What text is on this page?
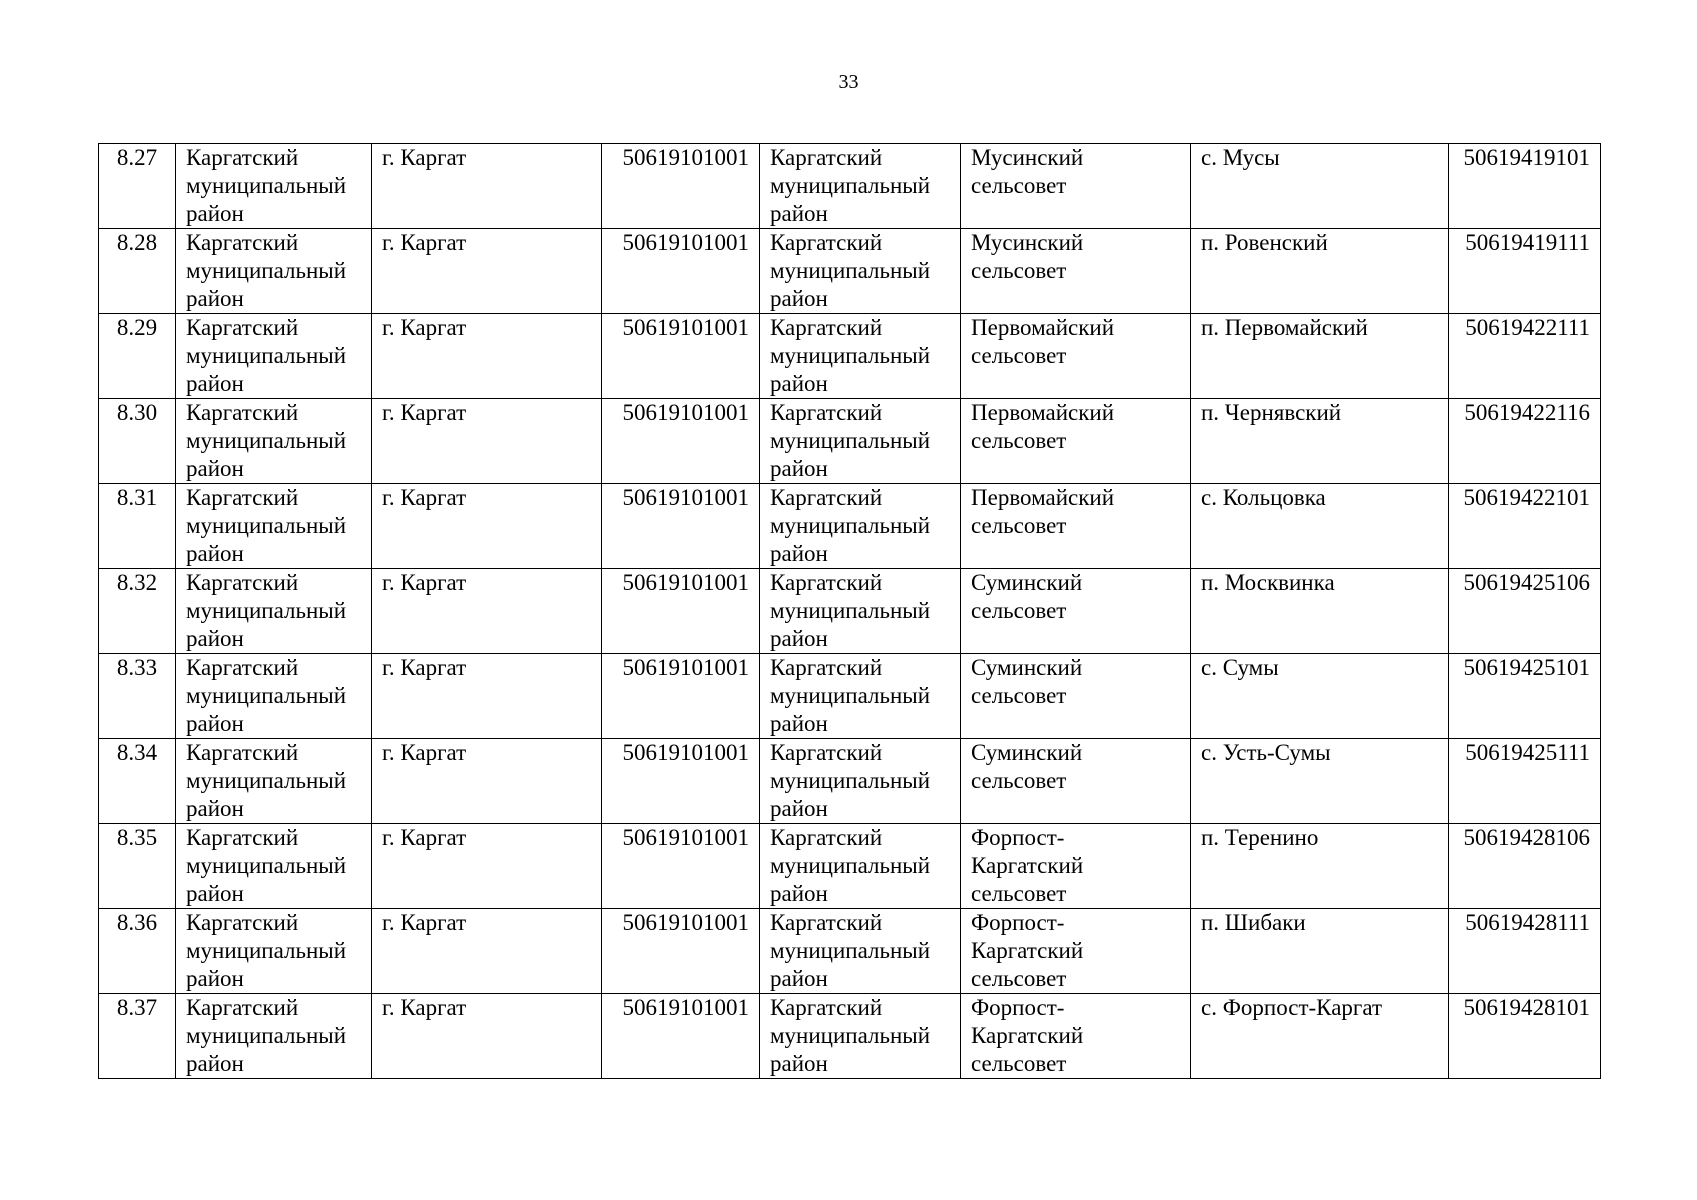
33
8.27	Каргатский
муниципальный
район	г. Каргат	50619101001	Каргатский
муниципальный
район	Мусинский
сельсовет	с. Мусы	50619419101

8.28	Каргатский
муниципальный
район	г. Каргат	50619101001	Каргатский
муниципальный
район	Мусинский
сельсовет	п. Ровенский	50619419111

8.29	Каргатский
муниципальный
район	г. Каргат	50619101001	Каргатский
муниципальный
район	Первомайский
сельсовет	п. Первомайский	50619422111

8.30	Каргатский
муниципальный
район	г. Каргат	50619101001	Каргатский
муниципальный
район	Первомайский
сельсовет	п. Чернявский	50619422116

8.31	Каргатский
муниципальный
район	г. Каргат	50619101001	Каргатский
муниципальный
район	Первомайский
сельсовет	с. Кольцовка	50619422101

8.32	Каргатский
муниципальный
район	г. Каргат	50619101001	Каргатский
муниципальный
район	Суминский
сельсовет	п. Москвинка	50619425106

8.33	Каргатский
муниципальный
район	г. Каргат	50619101001	Каргатский
муниципальный
район	Суминский
сельсовет	с. Сумы	50619425101

8.34	Каргатский
муниципальный
район	г. Каргат	50619101001	Каргатский
муниципальный
район	Суминский
сельсовет	с. Усть-Сумы	50619425111

8.35	Каргатский
муниципальный
район	г. Каргат	50619101001	Каргатский
муниципальный
район	Форпост-
Каргатский
сельсовет	п. Теренино	50619428106

8.36	Каргатский
муниципальный
район	г. Каргат	50619101001	Каргатский
муниципальный
район	Форпост-
Каргатский
сельсовет	п. Шибаки	50619428111

8.37	Каргатский
муниципальный
район	г. Каргат	50619101001	Каргатский
муниципальный
район	Форпост-
Каргатский
сельсовет	с. Форпост-Каргат	50619428101
